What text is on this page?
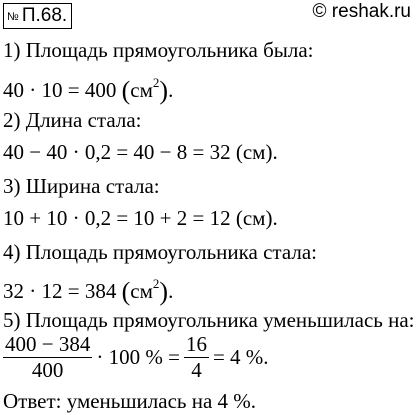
№ П.68.	© reshak.ru
1) Площадь прямоугольника была:
40 · 10 = 400 $(см^2)$.
2) Длина стала:
40 − 40 · 0,2 = 40 − 8 = 32 (см).
3) Ширина стала:
10 + 10 · 0,2 = 10 + 2 = 12 (см).
4) Площадь прямоугольника стала:
32 · 12 = 384 $(см^2)$.
5) Площадь прямоугольника уменьшилась на:
$\frac{400 - 384}{400} \cdot 100$ % = $\frac{16}{4} = 4$ %.
Ответ: уменьшилась на 4 %.
